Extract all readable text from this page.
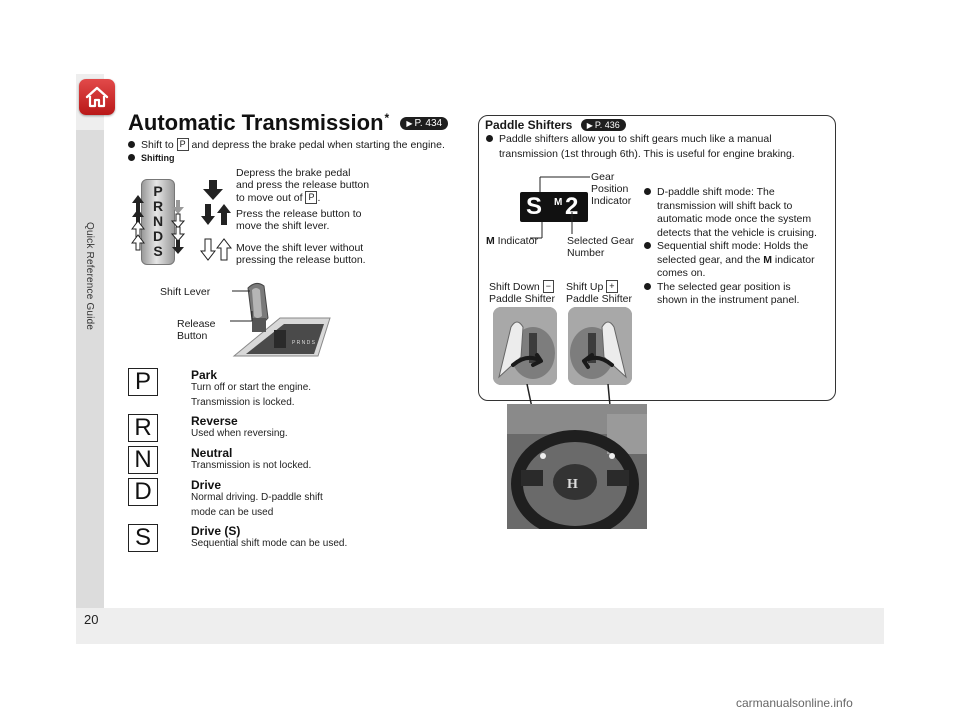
Quick Reference Guide
20
Automatic Transmission* ▶ P. 434
Shift to P and depress the brake pedal when starting the engine.
Shifting
P
R
N
D
S
Depress the brake pedal
and press the release button
to move out of P .
Press the release button to
move the shift lever.
Move the shift lever without
pressing the release button.
P R N D S
Shift Lever
Release
Button
P	Park
Turn off or start the engine.
Transmission is locked.
R	Reverse
Used when reversing.
N	Neutral
Transmission is not locked.
D	Drive
Normal driving. D-paddle shift
mode can be used
S	Drive (S)
Sequential shift mode can be used.
Paddle Shifters ▶ P. 436
Paddle shifters allow you to shift gears much like a manual
transmission (1st through 6th). This is useful for engine braking.
S M 2
Gear
Position
Indicator
M Indicator	Selected Gear
Number
Shift Down −
Paddle Shifter
Shift Up +
Paddle Shifter
D-paddle shift mode: The
transmission will shift back to
automatic mode once the system
detects that the vehicle is cruising.
Sequential shift mode: Holds the
selected gear, and the M indicator
comes on.
The selected gear position is
shown in the instrument panel.
H
carmanualsonline.info
